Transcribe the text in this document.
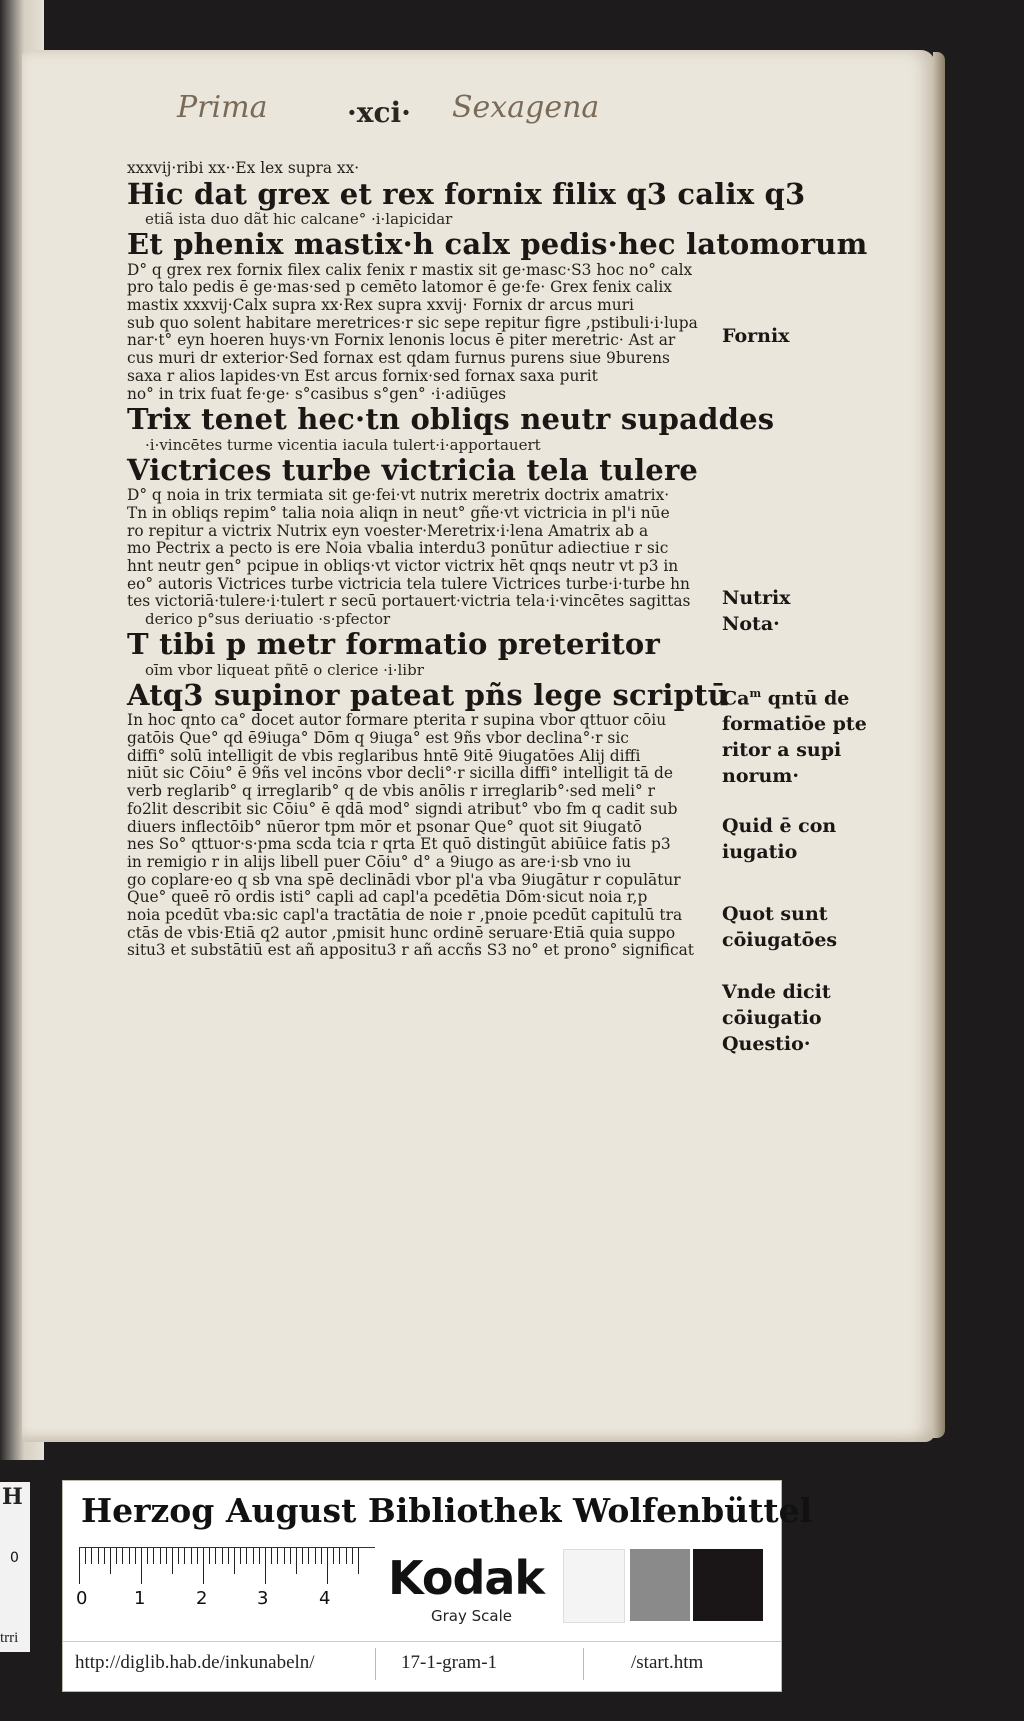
Prima	·xci· Sexagena
xxxvij·ribi xx··Ex lex supra xx·
Hic dat grex et rex fornix filix q3 calix q3
etiã ista duo dãt hic calcane° ·i·lapicidar
Et phenix mastix·h calx pedis·hec latomorum
D° q grex rex fornix filex calix fenix r mastix sit ge·masc·S3 hoc no° calx
pro talo pedis ē ge·mas·sed p cemēto latomor ē ge·fe· Grex fenix calix
mastix xxxvij·Calx supra xx·Rex supra xxvij· Fornix dr arcus muri
sub quo solent habitare meretrices·r sic sepe repitur figre ,pstibuli·i·lupa
nar·t° eyn hoeren huys·vn Fornix lenonis locus ē piter meretric· Ast ar
cus muri dr exterior·Sed fornax est qdam furnus purens siue 9burens
saxa r alios lapides·vn Est arcus fornix·sed fornax saxa purit
no° in trix fuat fe·ge· s°casibus s°gen° ·i·adiūges
Trix tenet hec·tn obliqs neutr supaddes
·i·vincētes turme vicentia iacula tulert·i·apportauert
Victrices turbe victricia tela tulere
D° q noia in trix termiata sit ge·fei·vt nutrix meretrix doctrix amatrix·
Tn in obliqs repim° talia noia aliqn in neut° gñe·vt victricia in pl'i nūe
ro repitur a victrix Nutrix eyn voester·Meretrix·i·lena Amatrix ab a
mo Pectrix a pecto is ere Noia vbalia interdu3 ponūtur adiectiue r sic
hnt neutr gen° pcipue in obliqs·vt victor victrix hēt qnqs neutr vt p3 in
eo° autoris Victrices turbe victricia tela tulere Victrices turbe·i·turbe hn
tes victoriā·tulere·i·tulert r secū portauert·victria tela·i·vincētes sagittas
derico p°sus deriuatio ·s·pfector
T tibi p metr formatio preteritor
oīm vbor liqueat pñtē o clerice ·i·libr
Atq3 supinor pateat pñs lege scriptū
In hoc qnto ca° docet autor formare pterita r supina vbor qttuor cōiu
gatōis Que° qd ē9iuga° Dōm q 9iuga° est 9ñs vbor declina°·r sic
diffi° solū intelligit de vbis reglaribus hntē 9itē 9iugatōes Alij diffi
niūt sic Cōiu° ē 9ñs vel incōns vbor decli°·r sicilla diffi° intelligit tā de
verb reglarib° q irreglarib° q de vbis anōlis r irreglarib°·sed meli° r
fo2lit describit sic Cōiu° ē qdā mod° signdi atribut° vbo fm q cadit sub
diuers inflectōib° nūeror tpm mōr et psonar Que° quot sit 9iugatō
nes So° qttuor·s·pma scda tcia r qrta Et quō distingūt abiūice fatis p3
in remigio r in alijs libell puer Cōiu° d° a 9iugo as are·i·sb vno iu
go coplare·eo q sb vna spē declinādi vbor pl'a vba 9iugātur r copulātur
Que° queē rō ordis isti° capli ad capl'a pcedētia Dōm·sicut noia r,p
noia pcedūt vba:sic capl'a tractātia de noie r ,pnoie pcedūt capitulū tra
ctās de vbis·Etiā q2 autor ,pmisit hunc ordinē seruare·Etiā quia suppo
situ3 et substātiū est añ appositu3 r añ accñs S3 no° et prono° significat
Fornix
Nutrix
Nota·
$Ca^m$ qntū de
formatiōe pte
ritor a supi
norum·
Quid ē con
iugatio
Quot sunt
cōiugatōes
Vnde dicit
cōiugatio
Questio·
H
0
trri
Herzog August Bibliothek Wolfenbüttel
0	1	2	3	4 Kodak
Gray Scale
http://diglib.hab.de/inkunabeln/	17-1-gram-1	/start.htm
